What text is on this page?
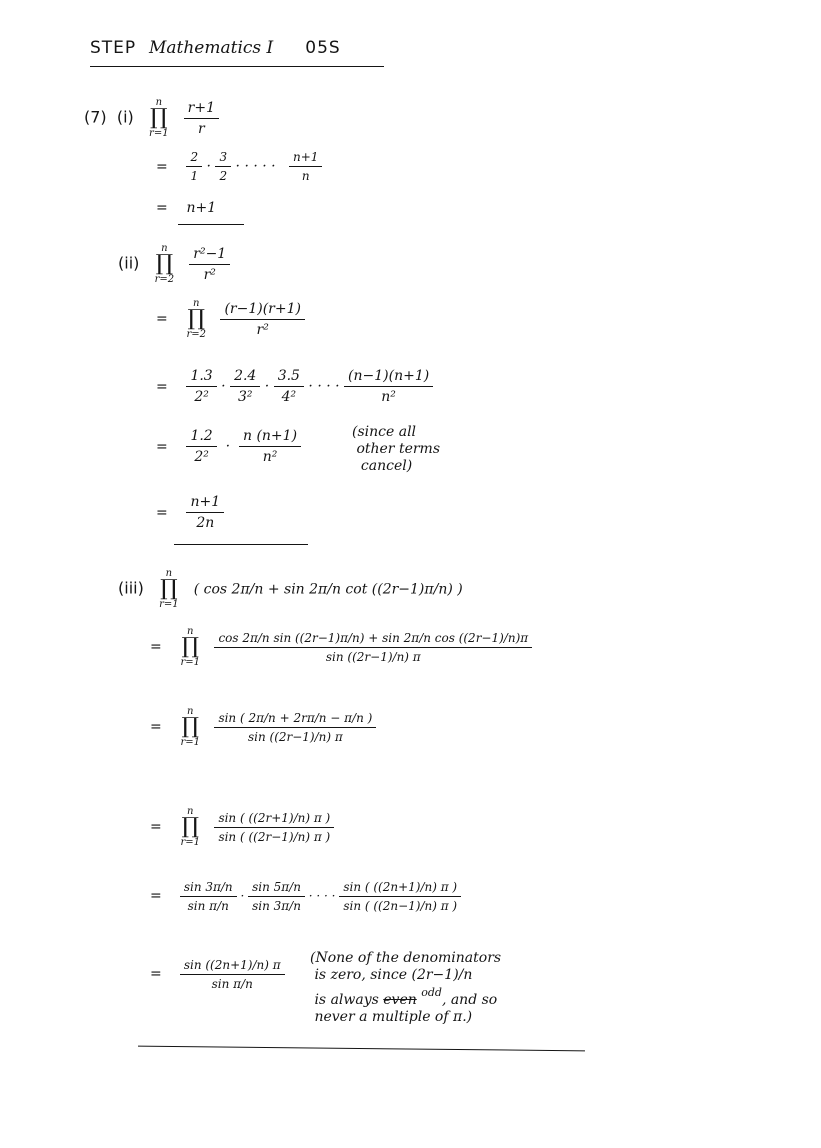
STEP Mathematics I 05S
(7) (i)
n
∏
r=1
$\frac{r+1}{r}$
= $\frac{2}{1} \cdot \frac{3}{2}$ · · · · · $\frac{n+1}{n}$
= n+1
(ii)
n
∏
r=2
$\frac{\text{r²−1}}{\text{r²}}$
=
n
∏
r=2
$\frac{(r-1)(r+1)}{\text{r²}}$
= $\frac{1.3}{\text{2²}} \cdot \frac{2.4}{\text{3²}} \cdot \frac{3.5}{\text{4²}}$ · · · · $\frac{(n-1)(n+1)}{\text{n²}}$
= $\frac{1.2}{\text{2²}} \cdot \frac{n (n+1)}{\text{n²}}$	(since all
other terms
cancel)
= $\frac{n+1}{2n}$
(iii)
n
∏
r=1
( cos 2π/n + sin 2π/n cot ((2r−1)π/n) )
=
n
∏
r=1
$\frac{\text{cos 2π/n sin ((2r−1)π/n) + sin 2π/n cos ((2r−1)/n)π}}{\sin ((2r-1)/n) \pi}$
=
n
∏
r=1
$\frac{\sin ( 2\pi/n + 2r\pi/n - \pi/n )}{\sin ((2r-1)/n) \pi}$
=
n
∏
r=1
$\frac{\sin ( ((2r+1)/n) \pi )}{\sin ( ((2r-1)/n) \pi )}$
= $\frac{\sin 3\pi/n}{\text{sin π/n}} \cdot \frac{\sin 5\pi/n}{\sin 3\pi/n}$ · · · · $\frac{\sin ( ((2n+1)/n) \pi )}{\sin ( ((2n-1)/n) \pi )}$
= $\frac{\sin ((2n+1)/n) \pi}{\text{sin π/n}}$ (None of the denominators
is zero, since (2r−1)/n
is always even $^{odd}$, and so
never a multiple of π.)
